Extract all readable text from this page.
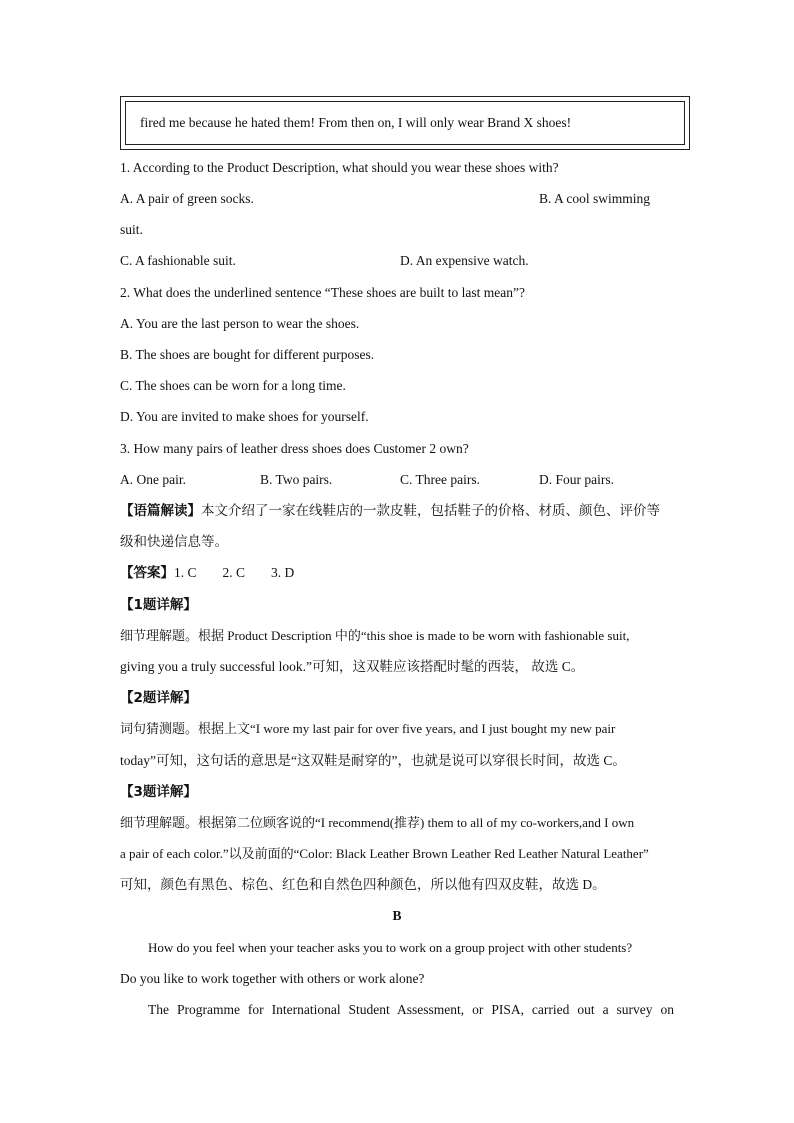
fired me because he hated them! From then on, I will only wear Brand X shoes!
1. According to the Product Description, what should you wear these shoes with?
A. A pair of green socks.	B. A cool swimming
suit.
C. A fashionable suit.	D. An expensive watch.
2. What does the underlined sentence “These shoes are built to last mean”?
A. You are the last person to wear the shoes.
B. The shoes are bought for different purposes.
C. The shoes can be worn for a long time.
D. You are invited to make shoes for yourself.
3. How many pairs of leather dress shoes does Customer 2 own?
A. One pair.	B. Two pairs.	C. Three pairs.	D. Four pairs.
【语篇解读】本文介绍了一家在线鞋店的一款皮鞋，包括鞋子的价格、材质、颜色、评价等
级和快递信息等。
【答案】1. C 2. C 3. D
【1题详解】
细节理解题。根据 Product Description 中的“this shoe is made to be worn with fashionable suit,
giving you a truly successful look.”可知，这双鞋应该搭配时髦的西装， 故选 C。
【2题详解】
词句猜测题。根据上文“I wore my last pair for over five years, and I just bought my new pair
today”可知，这句话的意思是“这双鞋是耐穿的”，也就是说可以穿很长时间，故选 C。
【3题详解】
细节理解题。根据第二位顾客说的“I recommend(推荐) them to all of my co-workers,and I own
a pair of each color.”以及前面的“Color: Black Leather Brown Leather Red Leather Natural Leather”
可知，颜色有黑色、棕色、红色和自然色四种颜色，所以他有四双皮鞋，故选 D。
B
How do you feel when your teacher asks you to work on a group project with other students?
Do you like to work together with others or work alone?
The Programme for International Student Assessment, or PISA, carried out a survey on
